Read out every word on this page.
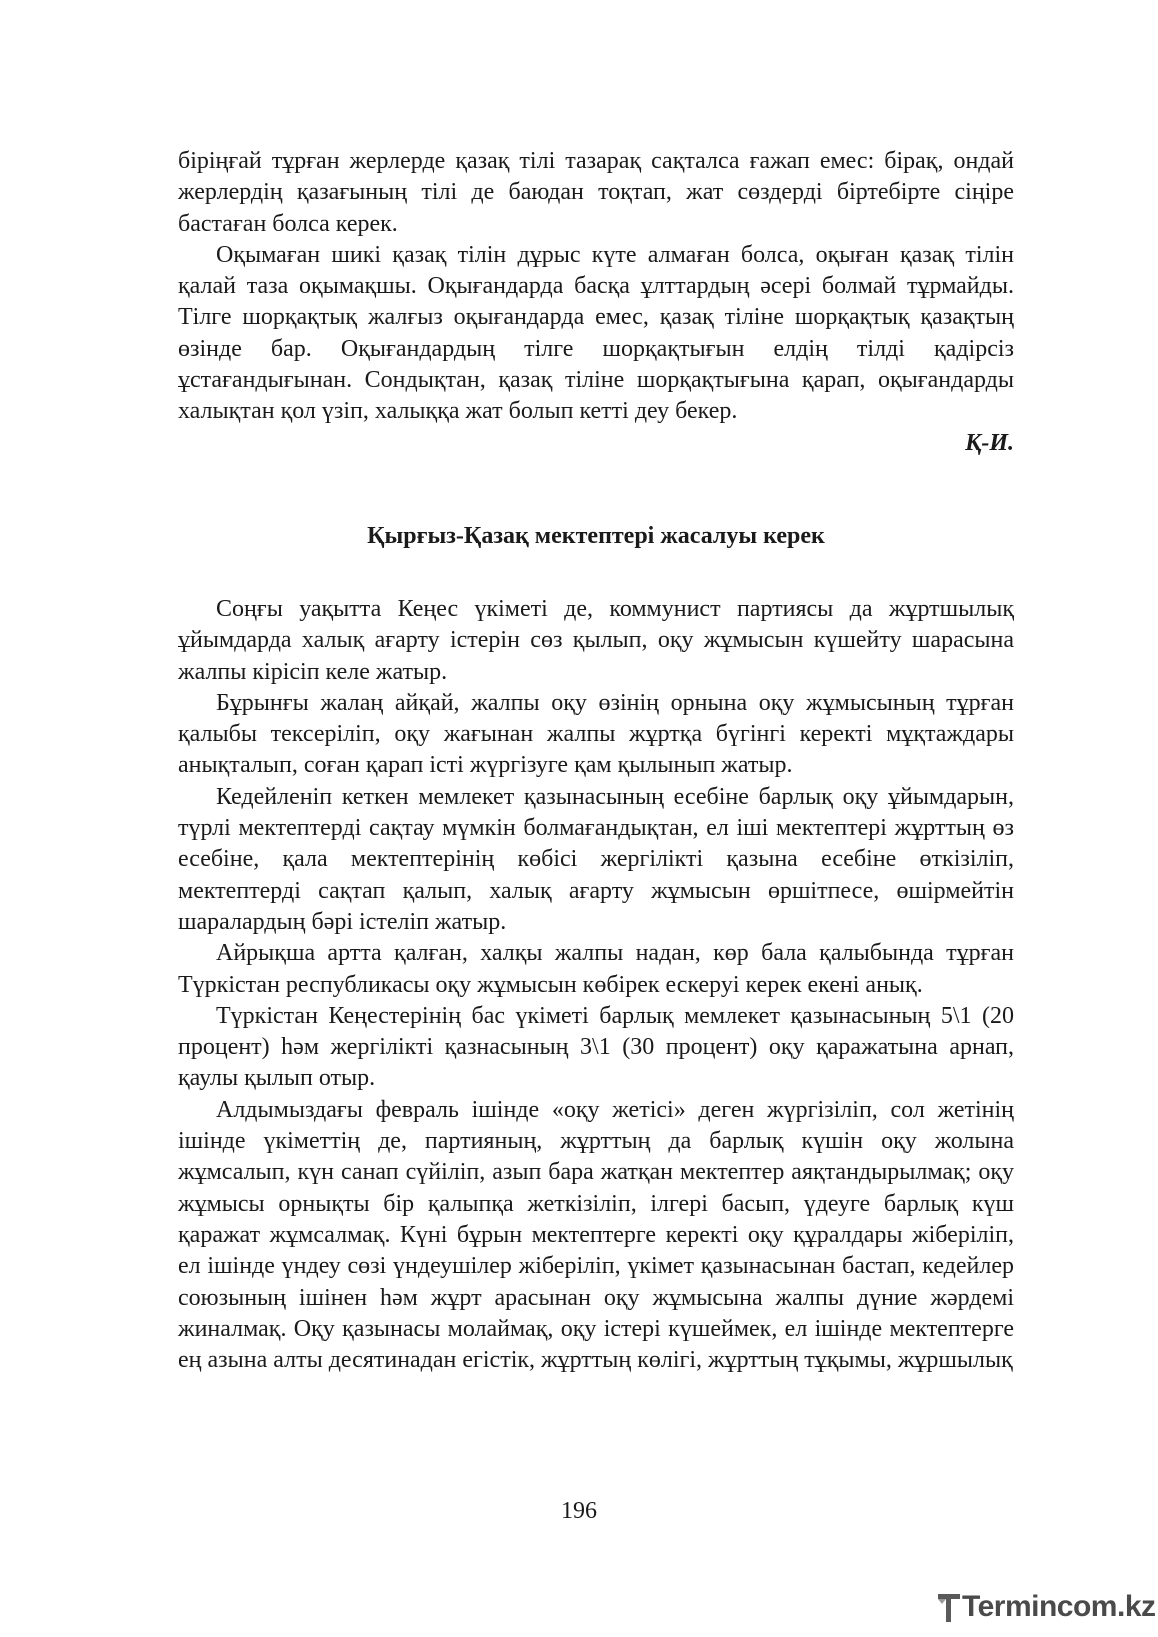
біріңғай тұрған жерлерде қазақ тілі тазарақ сақталса ғажап емес: бірақ, ондай жерлердің қазағының тілі де баюдан тоқтап, жат сөздерді біртебірте сіңіре бастаған болса керек.

Оқымаған шикі қазақ тілін дұрыс күте алмаған болса, оқыған қазақ тілін қалай таза оқымақшы. Оқығандарда басқа ұлттардың әсері болмай тұрмайды. Тілге шорқақтық жалғыз оқығандарда емес, қазақ тіліне шорқақтық қазақтың өзінде бар. Оқығандардың тілге шорқақтығын елдің тілді қадірсіз ұстағандығынан. Сондықтан, қазақ тіліне шорқақтығына қарап, оқығандарды халықтан қол үзіп, халыққа жат болып кетті деу бекер.

Қ-И.

Қырғыз-Қазақ мектептері жасалуы керек

Соңғы уақытта Кеңес үкіметі де, коммунист партиясы да жұртшылық ұйымдарда халық ағарту істерін сөз қылып, оқу жұмысын күшейту шарасына жалпы кірісіп келе жатыр.

Бұрынғы жалаң айқай, жалпы оқу өзінің орнына оқу жұмысының тұрған қалыбы тексеріліп, оқу жағынан жалпы жұртқа бүгінгі керекті мұқтаждары анықталып, соған қарап істі жүргізуге қам қылынып жатыр.

Кедейленіп кеткен мемлекет қазынасының есебіне барлық оқу ұйымдарын, түрлі мектептерді сақтау мүмкін болмағандықтан, ел іші мектептері жұрттың өз есебіне, қала мектептерінің көбісі жергілікті қазына есебіне өткізіліп, мектептерді сақтап қалып, халық ағарту жұмысын өршітпесе, өшірмейтін шаралардың бәрі істеліп жатыр.

Айрықша артта қалған, халқы жалпы надан, көр бала қалыбында тұрған Түркістан республикасы оқу жұмысын көбірек ескеруі керек екені анық.

Түркістан Кеңестерінің бас үкіметі барлық мемлекет қазынасының 5\1 (20 процент) һәм жергілікті қазнасының 3\1 (30 процент) оқу қаражатына арнап, қаулы қылып отыр.

Алдымыздағы февраль ішінде «оқу жетісі» деген жүргізіліп, сол жетінің ішінде үкіметтің де, партияның, жұрттың да барлық күшін оқу жолына жұмсалып, күн санап сүйіліп, азып бара жатқан мектептер аяқтандырылмақ; оқу жұмысы орнықты бір қалыпқа жеткізіліп, ілгері басып, үдеуге барлық күш қаражат жұмсалмақ. Күні бұрын мектептерге керекті оқу құралдары жіберіліп, ел ішінде үндеу сөзі үндеушілер жіберіліп, үкімет қазынасынан бастап, кедейлер союзының ішінен һәм жұрт арасынан оқу жұмысына жалпы дүние жәрдемі жиналмақ. Оқу қазынасы молаймақ, оқу істері күшеймек, ел ішінде мектептерге ең азына алты десятинадан егістік, жұрттың көлігі, жұрттың тұқымы, жұршылық

196
Termincom.kz
